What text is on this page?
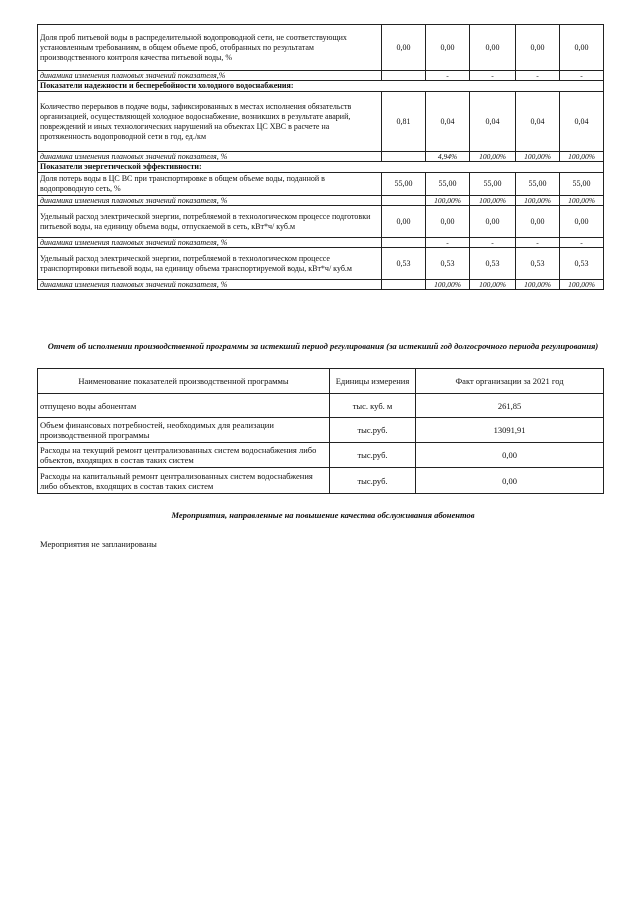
Доля проб питьевой воды в распределительной водопроводной сети, не соответствующих установленным требованиям, в общем объеме проб, отобранных по результатам производственного контроля качества питьевой воды, %	0,00	0,00	0,00	0,00	0,00
динамика изменения плановых значений показателя,%		-	-	-	-
Показатели надежности и бесперебойности холодного водоснабжения:					
Количество перерывов в подаче воды, зафиксированных в местах исполнения обязательств организацией, осуществляющей холодное водоснабжение, возникших в результате аварий, повреждений и иных технологических нарушений на объектах ЦС ХВС в расчете на протяженность водопроводной сети в год, ед./км	0,81	0,04	0,04	0,04	0,04
динамика изменения плановых значений показателя, %		4,94%	100,00%	100,00%	100,00%
Показатели энергетической эффективности:					
Доля потерь воды в ЦС ВС при транспортировке в общем объеме воды, поданной в водопроводную сеть, %	55,00	55,00	55,00	55,00	55,00
динамика изменения плановых значений показателя, %		100,00%	100,00%	100,00%	100,00%
Удельный расход электрической энергии, потребляемой в технологическом процессе подготовки питьевой воды, на единицу объема воды, отпускаемой в сеть, кВт*ч/ куб.м	0,00	0,00	0,00	0,00	0,00
динамика изменения плановых значений показателя, %		-	-	-	-
Удельный расход электрической энергии, потребляемой в технологическом процессе транспортировки питьевой воды, на единицу объема транспортируемой воды, кВт*ч/ куб.м	0,53	0,53	0,53	0,53	0,53
динамика изменения плановых значений показателя, %		100,00%	100,00%	100,00%	100,00%
Отчет об исполнении производственной программы за истекший период регулирования (за истекший год долгосрочного периода регулирования)
Наименование показателей производственной программы	Единицы измерения	Факт организации за 2021 год
отпущено воды абонентам	тыс. куб. м	261,85
Объем финансовых потребностей, необходимых для реализации производственной программы	тыс.руб.	13091,91
Расходы на текущий ремонт централизованных систем водоснабжения либо объектов, входящих в состав таких систем	тыс.руб.	0,00
Расходы на капитальный ремонт централизованных систем водоснабжения либо объектов, входящих в состав таких систем	тыс.руб.	0,00
Мероприятия, направленные на повышение качества обслуживания абонентов
Мероприятия не запланированы
